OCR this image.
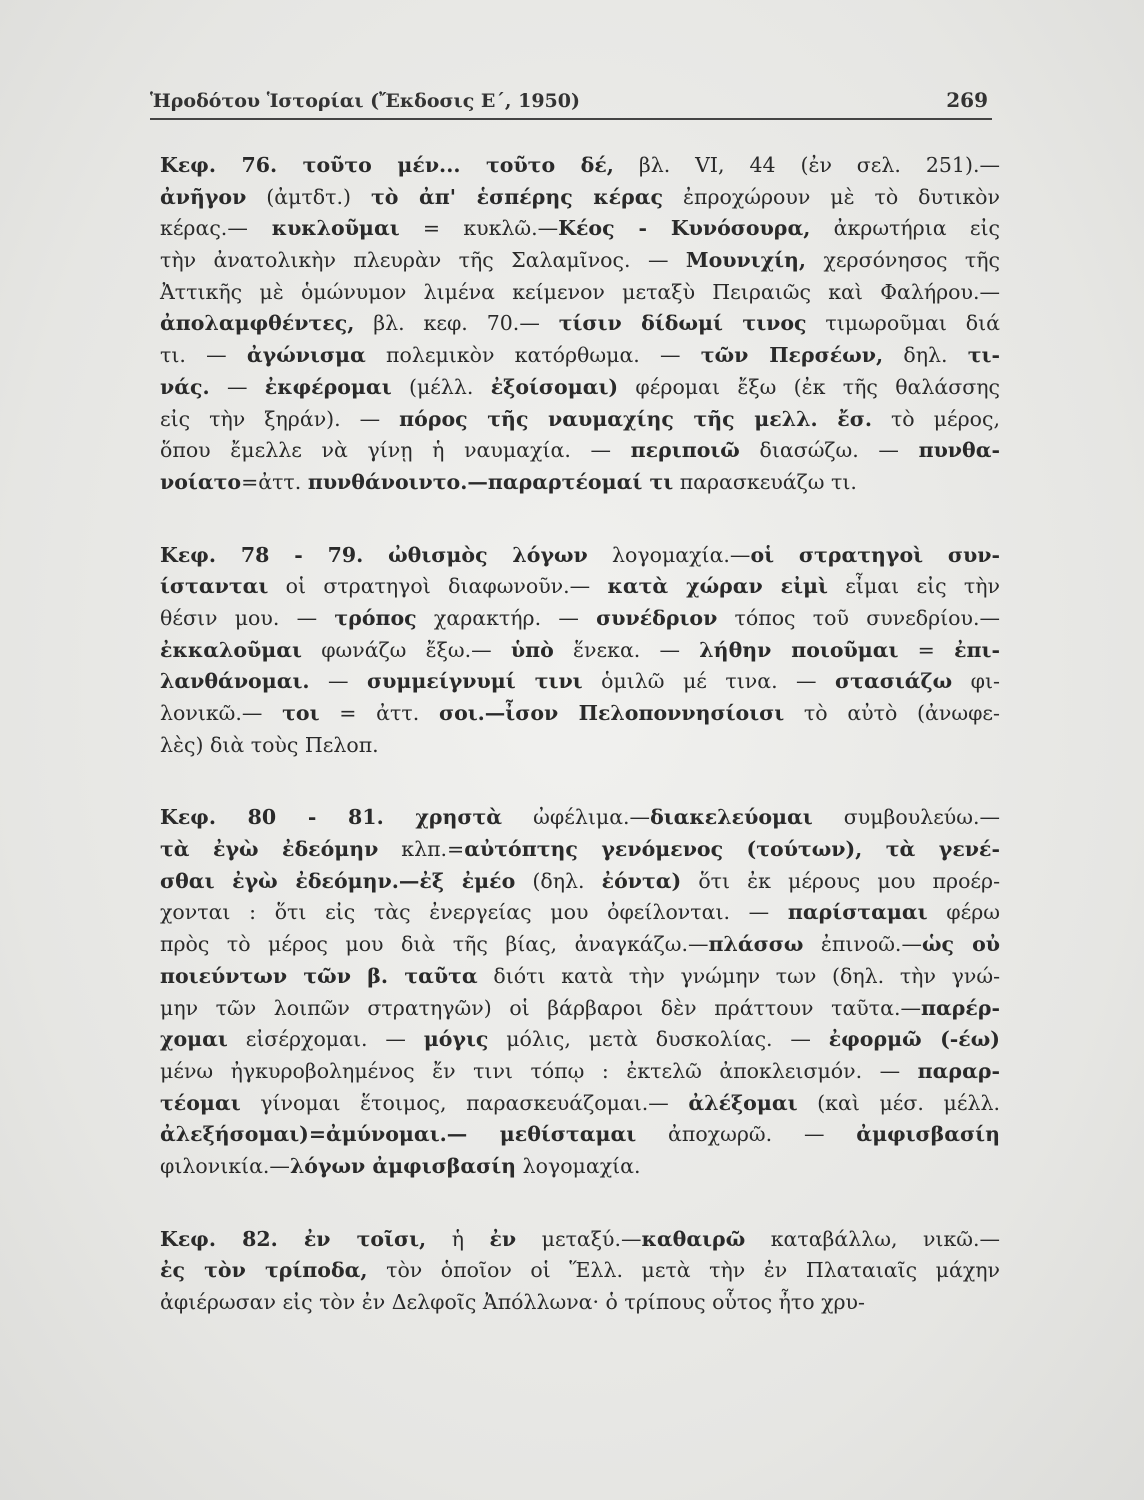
Ἡροδότου Ἱστορίαι (Ἔκδοσις Ε΄, 1950)	269
Κεφ. 76. τοῦτο μέν... τοῦτο δέ, βλ. VI, 44 (ἐν σελ. 251).—
ἀνῆγον (ἀμτδτ.) τὸ ἀπ' ἑσπέρης κέρας ἐπροχώρουν μὲ τὸ δυτικὸν
κέρας.— κυκλοῦμαι = κυκλῶ.—Κέος - Κυνόσουρα, ἀκρωτήρια εἰς
τὴν ἀνατολικὴν πλευρὰν τῆς Σαλαμῖνος. — Μουνιχίη, χερσόνησος τῆς
Ἀττικῆς μὲ ὁμώνυμον λιμένα κείμενον μεταξὺ Πειραιῶς καὶ Φαλήρου.—
ἀπολαμφθέντες, βλ. κεφ. 70.— τίσιν δίδωμί τινος τιμωροῦμαι διά
τι. — ἀγώνισμα πολεμικὸν κατόρθωμα. — τῶν Περσέων, δηλ. τι-
νάς. — ἐκφέρομαι (μέλλ. ἐξοίσομαι) φέρομαι ἔξω (ἐκ τῆς θαλάσσης
εἰς τὴν ξηράν). — πόρος τῆς ναυμαχίης τῆς μελλ. ἔσ. τὸ μέρος,
ὅπου ἔμελλε νὰ γίνῃ ἡ ναυμαχία. — περιποιῶ διασώζω. — πυνθα-
νοίατο=ἀττ. πυνθάνοιντο.—παραρτέομαί τι παρασκευάζω τι.
Κεφ. 78 - 79. ὠθισμὸς λόγων λογομαχία.—οἱ στρατηγοὶ συν-
ίστανται οἱ στρατηγοὶ διαφωνοῦν.— κατὰ χώραν εἰμὶ εἶμαι εἰς τὴν
θέσιν μου. — τρόπος χαρακτήρ. — συνέδριον τόπος τοῦ συνεδρίου.—
ἐκκαλοῦμαι φωνάζω ἔξω.— ὑπὸ ἕνεκα. — λήθην ποιοῦμαι = ἐπι-
λανθάνομαι. — συμμείγνυμί τινι ὁμιλῶ μέ τινα. — στασιάζω φι-
λονικῶ.— τοι = ἀττ. σοι.—ἶσον Πελοποννησίοισι τὸ αὐτὸ (ἀνωφε-
λὲς) διὰ τοὺς Πελοπ.
Κεφ. 80 - 81. χρηστὰ ὠφέλιμα.—διακελεύομαι συμβουλεύω.—
τὰ ἐγὼ ἐδεόμην κλπ.=αὐτόπτης γενόμενος (τούτων), τὰ γενέ-
σθαι ἐγὼ ἐδεόμην.—ἐξ ἐμέο (δηλ. ἐόντα) ὅτι ἐκ μέρους μου προέρ-
χονται : ὅτι εἰς τὰς ἐνεργείας μου ὀφείλονται. — παρίσταμαι φέρω
πρὸς τὸ μέρος μου διὰ τῆς βίας, ἀναγκάζω.—πλάσσω ἐπινοῶ.—ὡς οὐ
ποιεύντων τῶν β. ταῦτα διότι κατὰ τὴν γνώμην των (δηλ. τὴν γνώ-
μην τῶν λοιπῶν στρατηγῶν) οἱ βάρβαροι δὲν πράττουν ταῦτα.—παρέρ-
χομαι εἰσέρχομαι. — μόγις μόλις, μετὰ δυσκολίας. — ἐφορμῶ (-έω)
μένω ἠγκυροβολημένος ἔν τινι τόπῳ : ἐκτελῶ ἀποκλεισμόν. — παραρ-
τέομαι γίνομαι ἕτοιμος, παρασκευάζομαι.— ἀλέξομαι (καὶ μέσ. μέλλ.
ἀλεξήσομαι)=ἀμύνομαι.— μεθίσταμαι ἀποχωρῶ. — ἀμφισβασίη
φιλονικία.—λόγων ἀμφισβασίη λογομαχία.
Κεφ. 82. ἐν τοῖσι, ἡ ἐν μεταξύ.—καθαιρῶ καταβάλλω, νικῶ.—
ἐς τὸν τρίποδα, τὸν ὁποῖον οἱ Ἕλλ. μετὰ τὴν ἐν Πλαταιαῖς μάχην
ἀφιέρωσαν εἰς τὸν ἐν Δελφοῖς Ἀπόλλωνα· ὁ τρίπους οὗτος ἦτο χρυ-
